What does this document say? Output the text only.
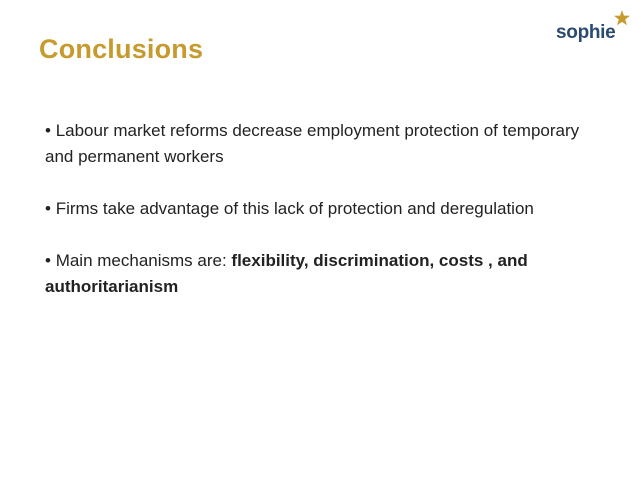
Conclusions
sophie
• Labour market reforms decrease employment protection of temporary and permanent workers
• Firms take advantage of this lack of protection and deregulation
• Main mechanisms are: flexibility, discrimination, costs , and authoritarianism
